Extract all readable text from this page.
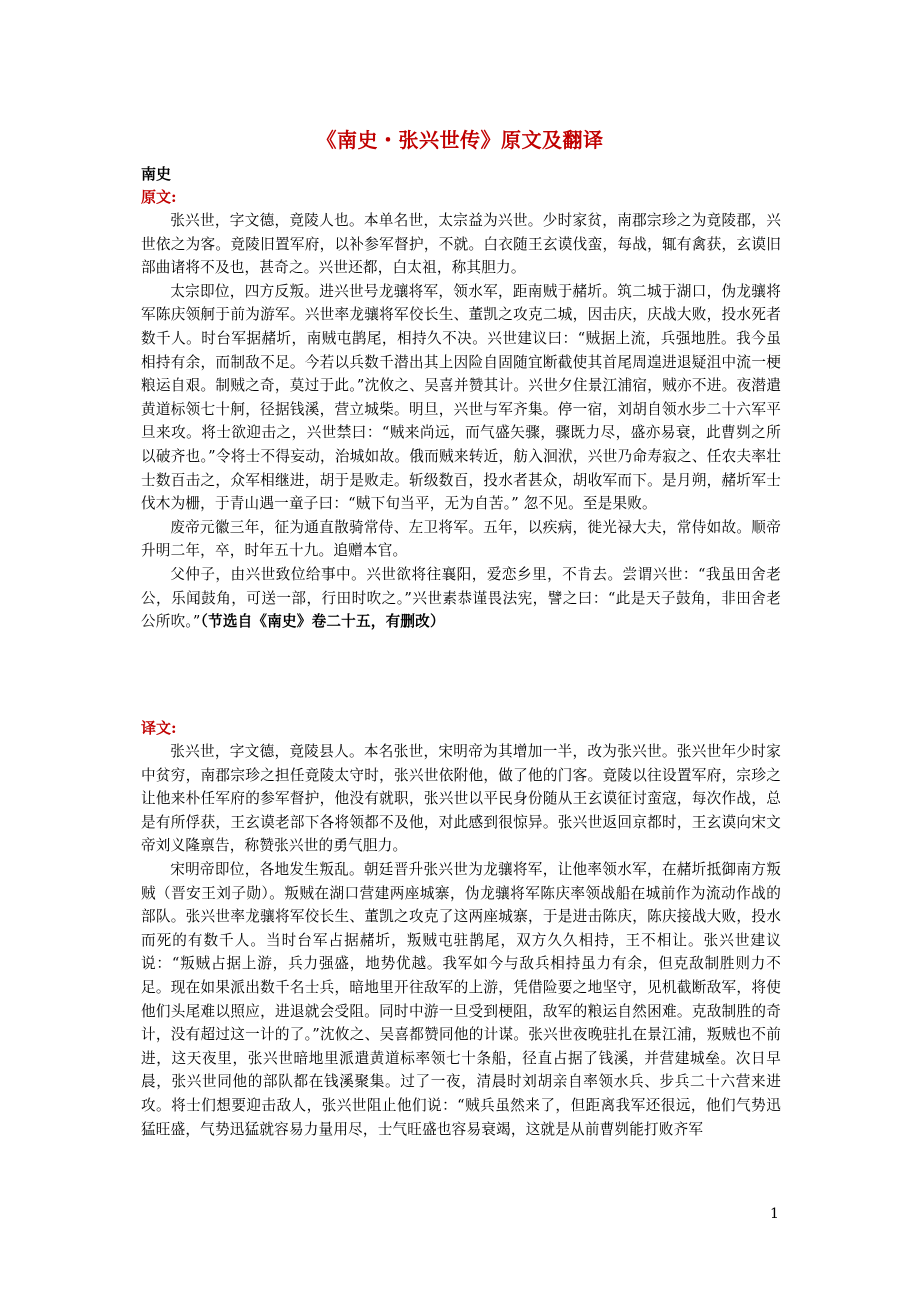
《南史・张兴世传》原文及翻译
南史
原文:

张兴世，字文德，竟陵人也。本单名世，太宗益为兴世。少时家贫，南郡宗珍之为竟陵郡，兴世依之为客。竟陵旧置军府，以补参军督护，不就。白衣随王玄谟伐蛮，每战，辄有禽获，玄谟旧部曲诸将不及也，甚奇之。兴世还都，白太祖，称其胆力。

太宗即位，四方反叛。进兴世号龙骧将军，领水军，距南贼于赭圻。筑二城于湖口，伪龙骧将军陈庆领舸于前为游军。兴世率龙骧将军佼长生、董凯之攻克二城，因击庆，庆战大败，投水死者数千人。时台军据赭圻，南贼屯鹊尾，相持久不决。兴世建议曰：“贼据上流，兵强地胜。我今虽相持有余，而制敌不足。今若以兵数千潜出其上因险自固随宜断截使其首尾周遑进退疑沮中流一梗粮运自艰。制贼之奇，莫过于此。”沈攸之、吴喜并赞其计。兴世夕住景江浦宿，贼亦不进。夜潜遣黄道标领七十舸，径据钱溪，营立城柴。明旦，兴世与军齐集。停一宿，刘胡自领水步二十六军平旦来攻。将士欲迎击之，兴世禁曰：“贼来尚远，而气盛矢骤，骤既力尽，盛亦易衰，此曹刿之所以破齐也。”令将士不得妄动，治城如故。俄而贼来转近，舫入洄洑，兴世乃命寿寂之、任农夫率壮士数百击之，众军相继进，胡于是败走。斩级数百，投水者甚众，胡收军而下。是月朔，赭圻军士伐木为栅，于青山遇一童子曰：“贼下旬当平，无为自苦。” 忽不见。至是果败。

废帝元徽三年，征为通直散骑常侍、左卫将军。五年，以疾病，徙光禄大夫，常侍如故。顺帝升明二年，卒，时年五十九。追赠本官。

父仲子，由兴世致位给事中。兴世欲将往襄阳，爱恋乡里，不肯去。尝谓兴世：“我虽田舍老公，乐闻鼓角，可送一部，行田时吹之。”兴世素恭谨畏法宪，譬之曰：“此是天子鼓角，非田舍老公所吹。”（节选自《南史》卷二十五，有删改）

译文:

张兴世，字文德，竟陵县人。本名张世，宋明帝为其增加一半，改为张兴世。张兴世年少时家中贫穷，南郡宗珍之担任竟陵太守时，张兴世依附他，做了他的门客。竟陵以往设置军府，宗珍之让他来朴任军府的参军督护，他没有就职，张兴世以平民身份随从王玄谟征讨蛮寇，每次作战，总是有所俘获，王玄谟老部下各将领都不及他，对此感到很惊异。张兴世返回京都时，王玄谟向宋文帝刘义隆禀告，称赞张兴世的勇气胆力。

宋明帝即位，各地发生叛乱。朝廷晋升张兴世为龙骧将军，让他率领水军，在赭圻抵御南方叛贼（晋安王刘子勋）。叛贼在湖口营建两座城寨，伪龙骧将军陈庆率领战船在城前作为流动作战的部队。张兴世率龙骧将军佼长生、董凯之攻克了这两座城寨，于是进击陈庆，陈庆接战大败，投水而死的有数千人。当时台军占据赭圻，叛贼屯驻鹊尾，双方久久相持，王不相让。张兴世建议说：“叛贼占据上游，兵力强盛，地势优越。我军如今与敌兵相持虽力有余，但克敌制胜则力不足。现在如果派出数千名士兵，暗地里开往敌军的上游，凭借险要之地坚守，见机截断敌军，将使他们头尾难以照应，进退就会受阻。同时中游一旦受到梗阻，敌军的粮运自然困难。克敌制胜的奇计，没有超过这一计的了。”沈攸之、吴喜都赞同他的计谋。张兴世夜晚驻扎在景江浦，叛贼也不前进，这天夜里，张兴世暗地里派遣黄道标率领七十条船，径直占据了钱溪，并营建城垒。次日早晨，张兴世同他的部队都在钱溪聚集。过了一夜，清晨时刘胡亲自率领水兵、步兵二十六营来进攻。将士们想要迎击敌人，张兴世阻止他们说：“贼兵虽然来了，但距离我军还很远，他们气势迅猛旺盛，气势迅猛就容易力量用尽，士气旺盛也容易衰竭，这就是从前曹刿能打败齐军

1
